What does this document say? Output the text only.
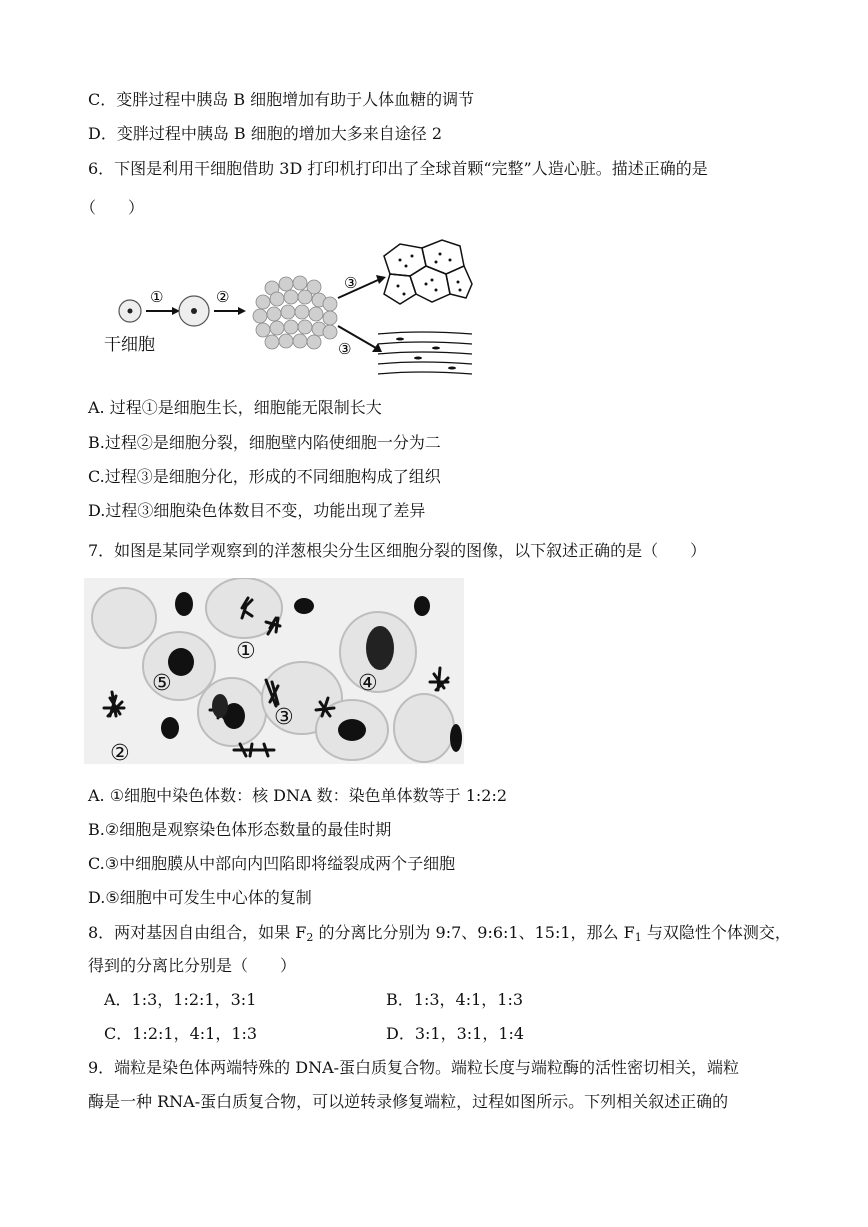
C．变胖过程中胰岛 B 细胞增加有助于人体血糖的调节
D．变胖过程中胰岛 B 细胞的增加大多来自途径 2
6．下图是利用干细胞借助 3D 打印机打印出了全球首颗“完整”人造心脏。描述正确的是
（　　）
①	②
③
③
干细胞
A. 过程①是细胞生长，细胞能无限制长大
B.过程②是细胞分裂，细胞壁内陷使细胞一分为二
C.过程③是细胞分化，形成的不同细胞构成了组织
D.过程③细胞染色体数目不变，功能出现了差异
7．如图是某同学观察到的洋葱根尖分生区细胞分裂的图像，以下叙述正确的是（　　）
①
②
③
④
⑤
A. ①细胞中染色体数：核 DNA 数：染色单体数等于 1:2:2
B.②细胞是观察染色体形态数量的最佳时期
C.③中细胞膜从中部向内凹陷即将缢裂成两个子细胞
D.⑤细胞中可发生中心体的复制
8．两对基因自由组合，如果 $F_2$ 的分离比分别为 9:7、9:6:1、15:1，那么 $F_1$ 与双隐性个体测交，
得到的分离比分别是（　　）
A．1:3，1:2:1，3:1	B．1:3，4:1，1:3
C．1:2:1，4:1，1:3	D．3:1，3:1，1:4
9．端粒是染色体两端特殊的 DNA-蛋白质复合物。端粒长度与端粒酶的活性密切相关，端粒
酶是一种 RNA-蛋白质复合物，可以逆转录修复端粒，过程如图所示。下列相关叙述正确的
